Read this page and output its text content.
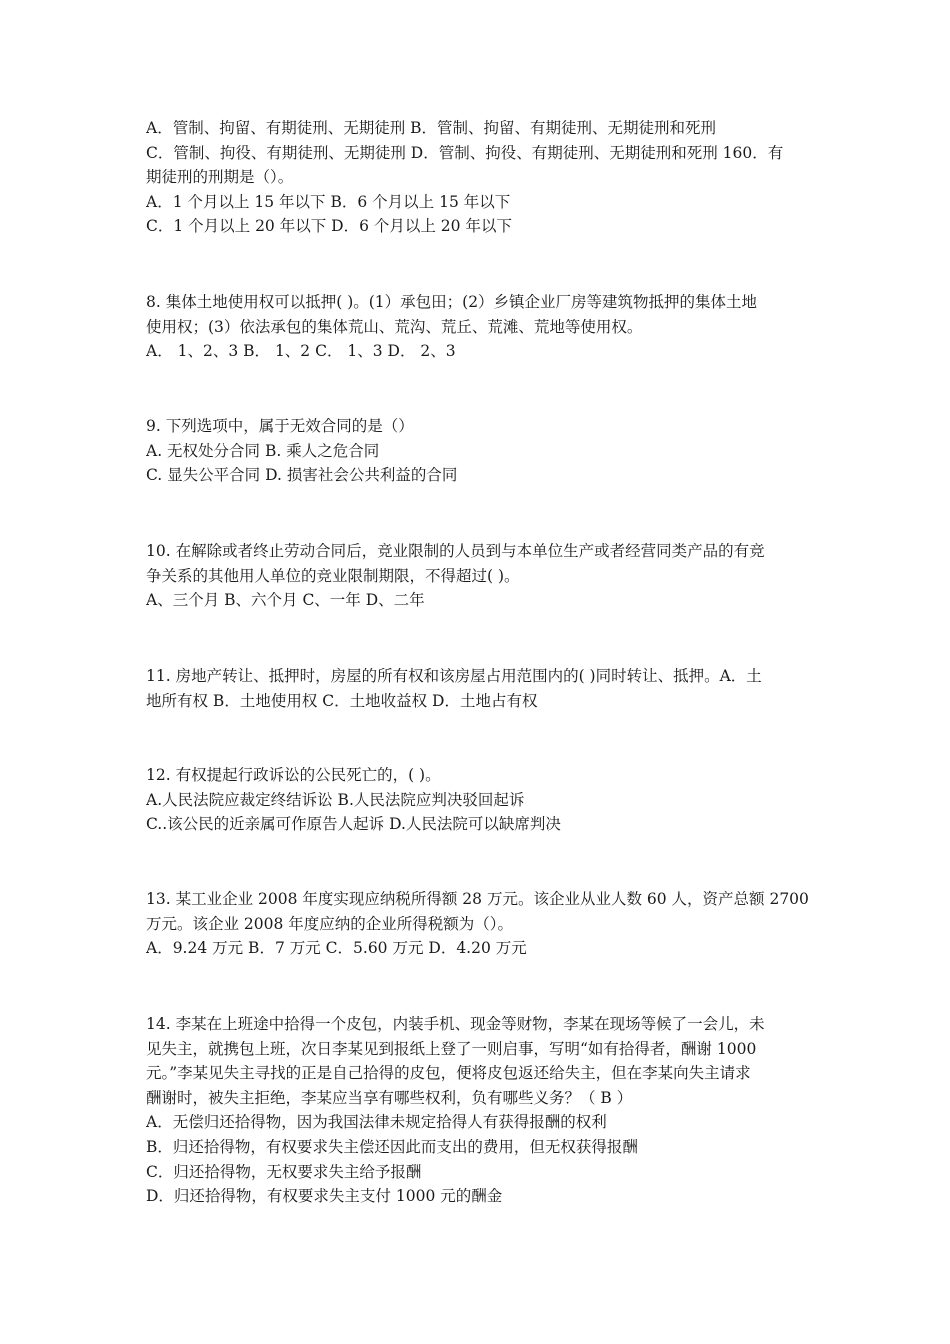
A．管制、拘留、有期徒刑、无期徒刑 B．管制、拘留、有期徒刑、无期徒刑和死刑
C．管制、拘役、有期徒刑、无期徒刑 D．管制、拘役、有期徒刑、无期徒刑和死刑 160．有
期徒刑的刑期是（）。
A．1 个月以上 15 年以下 B．6 个月以上 15 年以下
C．1 个月以上 20 年以下 D．6 个月以上 20 年以下
8. 集体土地使用权可以抵押( )。(1）承包田；(2）乡镇企业厂房等建筑物抵押的集体土地
使用权；(3）依法承包的集体荒山、荒沟、荒丘、荒滩、荒地等使用权。
A． 1、2、3 B． 1、2 C． 1、3 D． 2、3
9. 下列选项中，属于无效合同的是（）
A. 无权处分合同 B. 乘人之危合同
C. 显失公平合同 D. 损害社会公共利益的合同
10. 在解除或者终止劳动合同后，竞业限制的人员到与本单位生产或者经营同类产品的有竞
争关系的其他用人单位的竞业限制期限，不得超过( )。
A、三个月 B、六个月 C、一年 D、二年
11. 房地产转让、抵押时，房屋的所有权和该房屋占用范围内的( )同时转让、抵押。A．土
地所有权 B．土地使用权 C．土地收益权 D．土地占有权
12. 有权提起行政诉讼的公民死亡的，( )。
A.人民法院应裁定终结诉讼 B.人民法院应判决驳回起诉
C..该公民的近亲属可作原告人起诉 D.人民法院可以缺席判决
13. 某工业企业 2008 年度实现应纳税所得额 28 万元。该企业从业人数 60 人，资产总额 2700
万元。该企业 2008 年度应纳的企业所得税额为（）。
A．9.24 万元 B．7 万元 C．5.60 万元 D．4.20 万元
14. 李某在上班途中拾得一个皮包，内装手机、现金等财物，李某在现场等候了一会儿，未
见失主，就携包上班，次日李某见到报纸上登了一则启事，写明“如有拾得者，酬谢 1000
元。”李某见失主寻找的正是自己拾得的皮包，便将皮包返还给失主，但在李某向失主请求
酬谢时，被失主拒绝，李某应当享有哪些权利，负有哪些义务？（ B ）
A．无偿归还拾得物，因为我国法律未规定拾得人有获得报酬的权利
B．归还拾得物，有权要求失主偿还因此而支出的费用，但无权获得报酬
C．归还拾得物，无权要求失主给予报酬
D．归还拾得物，有权要求失主支付 1000 元的酬金
